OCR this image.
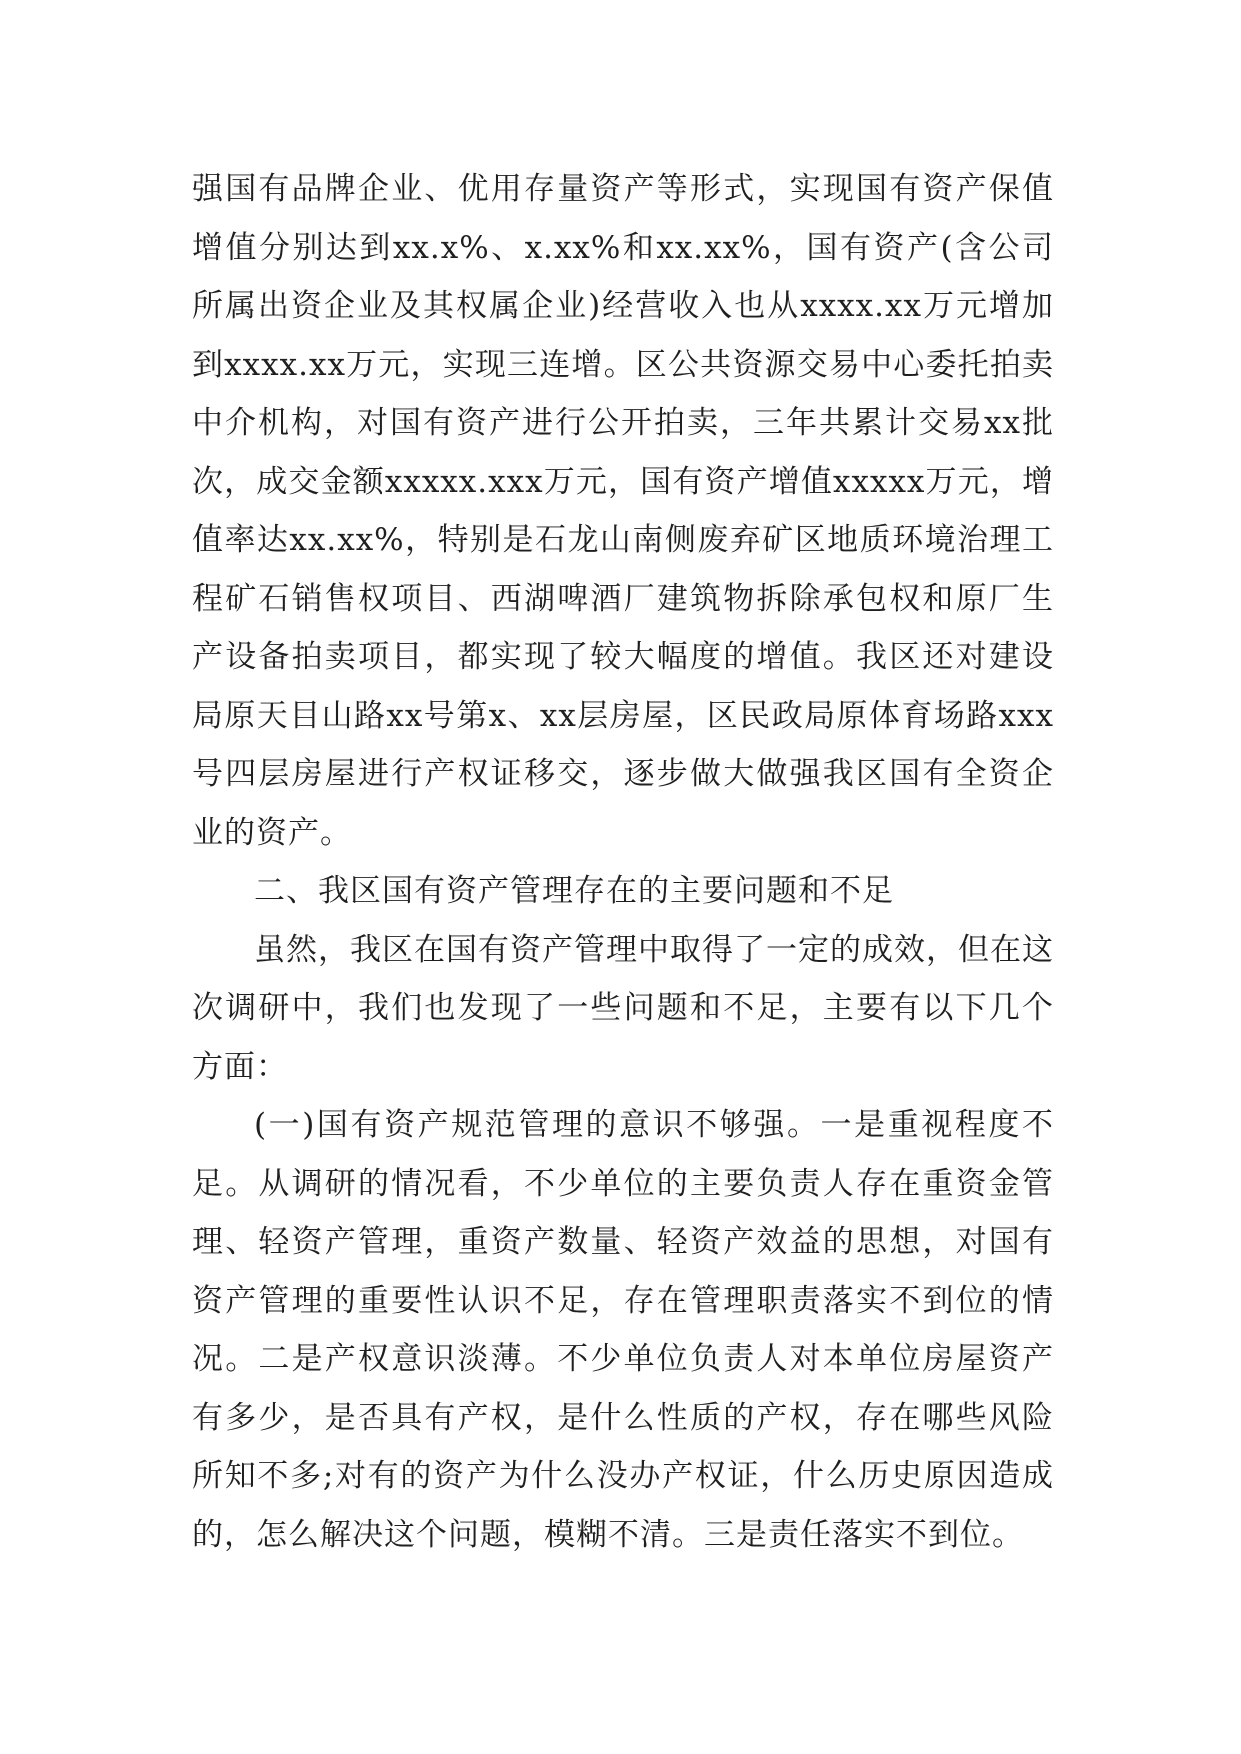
强国有品牌企业、优用存量资产等形式，实现国有资产保值增值分别达到xx.x%、x.xx%和xx.xx%，国有资产(含公司所属出资企业及其权属企业)经营收入也从xxxx.xx万元增加到xxxx.xx万元，实现三连增。区公共资源交易中心委托拍卖中介机构，对国有资产进行公开拍卖，三年共累计交易xx批次，成交金额xxxxx.xxx万元，国有资产增值xxxxx万元，增值率达xx.xx%，特别是石龙山南侧废弃矿区地质环境治理工程矿石销售权项目、西湖啤酒厂建筑物拆除承包权和原厂生产设备拍卖项目，都实现了较大幅度的增值。我区还对建设局原天目山路xx号第x、xx层房屋，区民政局原体育场路xxx号四层房屋进行产权证移交，逐步做大做强我区国有全资企业的资产。

二、我区国有资产管理存在的主要问题和不足

虽然，我区在国有资产管理中取得了一定的成效，但在这次调研中，我们也发现了一些问题和不足，主要有以下几个方面：

(一)国有资产规范管理的意识不够强。一是重视程度不足。从调研的情况看，不少单位的主要负责人存在重资金管理、轻资产管理，重资产数量、轻资产效益的思想，对国有资产管理的重要性认识不足，存在管理职责落实不到位的情况。二是产权意识淡薄。不少单位负责人对本单位房屋资产有多少，是否具有产权，是什么性质的产权，存在哪些风险所知不多;对有的资产为什么没办产权证，什么历史原因造成的，怎么解决这个问题，模糊不清。三是责任落实不到位。
